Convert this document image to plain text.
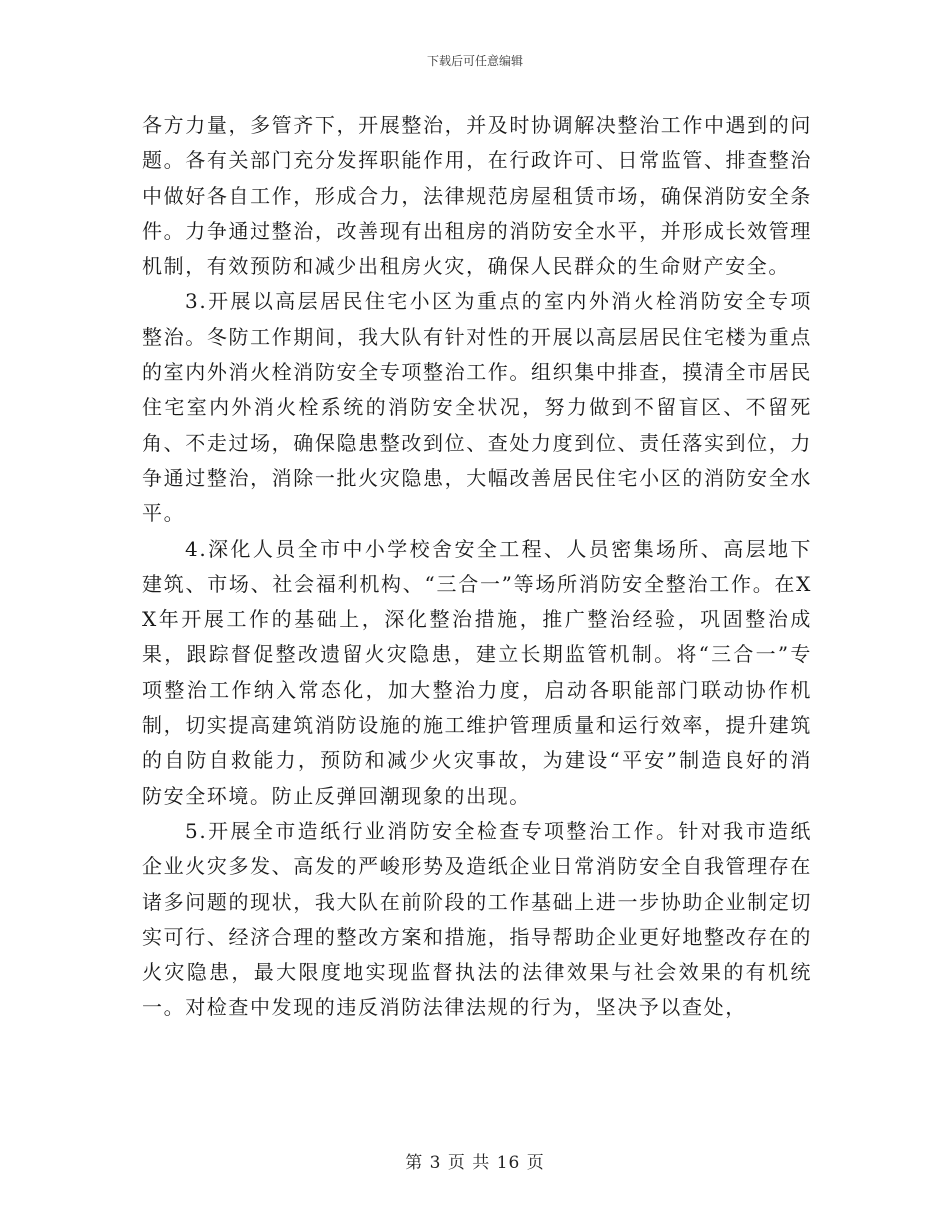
下载后可任意编辑

各方力量，多管齐下，开展整治，并及时协调解决整治工作中遇到的问题。各有关部门充分发挥职能作用，在行政许可、日常监管、排查整治中做好各自工作，形成合力，法律规范房屋租赁市场，确保消防安全条件。力争通过整治，改善现有出租房的消防安全水平，并形成长效管理机制，有效预防和减少出租房火灾，确保人民群众的生命财产安全。

3.开展以高层居民住宅小区为重点的室内外消火栓消防安全专项整治。冬防工作期间，我大队有针对性的开展以高层居民住宅楼为重点的室内外消火栓消防安全专项整治工作。组织集中排查，摸清全市居民住宅室内外消火栓系统的消防安全状况，努力做到不留盲区、不留死角、不走过场，确保隐患整改到位、查处力度到位、责任落实到位，力争通过整治，消除一批火灾隐患，大幅改善居民住宅小区的消防安全水平。

4.深化人员全市中小学校舍安全工程、人员密集场所、高层地下建筑、市场、社会福利机构、“三合一”等场所消防安全整治工作。在XX年开展工作的基础上，深化整治措施，推广整治经验，巩固整治成果，跟踪督促整改遗留火灾隐患，建立长期监管机制。将“三合一”专项整治工作纳入常态化，加大整治力度，启动各职能部门联动协作机制，切实提高建筑消防设施的施工维护管理质量和运行效率，提升建筑的自防自救能力，预防和减少火灾事故，为建设“平安”制造良好的消防安全环境。防止反弹回潮现象的出现。

5.开展全市造纸行业消防安全检查专项整治工作。针对我市造纸企业火灾多发、高发的严峻形势及造纸企业日常消防安全自我管理存在诸多问题的现状，我大队在前阶段的工作基础上进一步协助企业制定切实可行、经济合理的整改方案和措施，指导帮助企业更好地整改存在的火灾隐患，最大限度地实现监督执法的法律效果与社会效果的有机统一。对检查中发现的违反消防法律法规的行为，坚决予以查处，

第 3 页 共 16 页
